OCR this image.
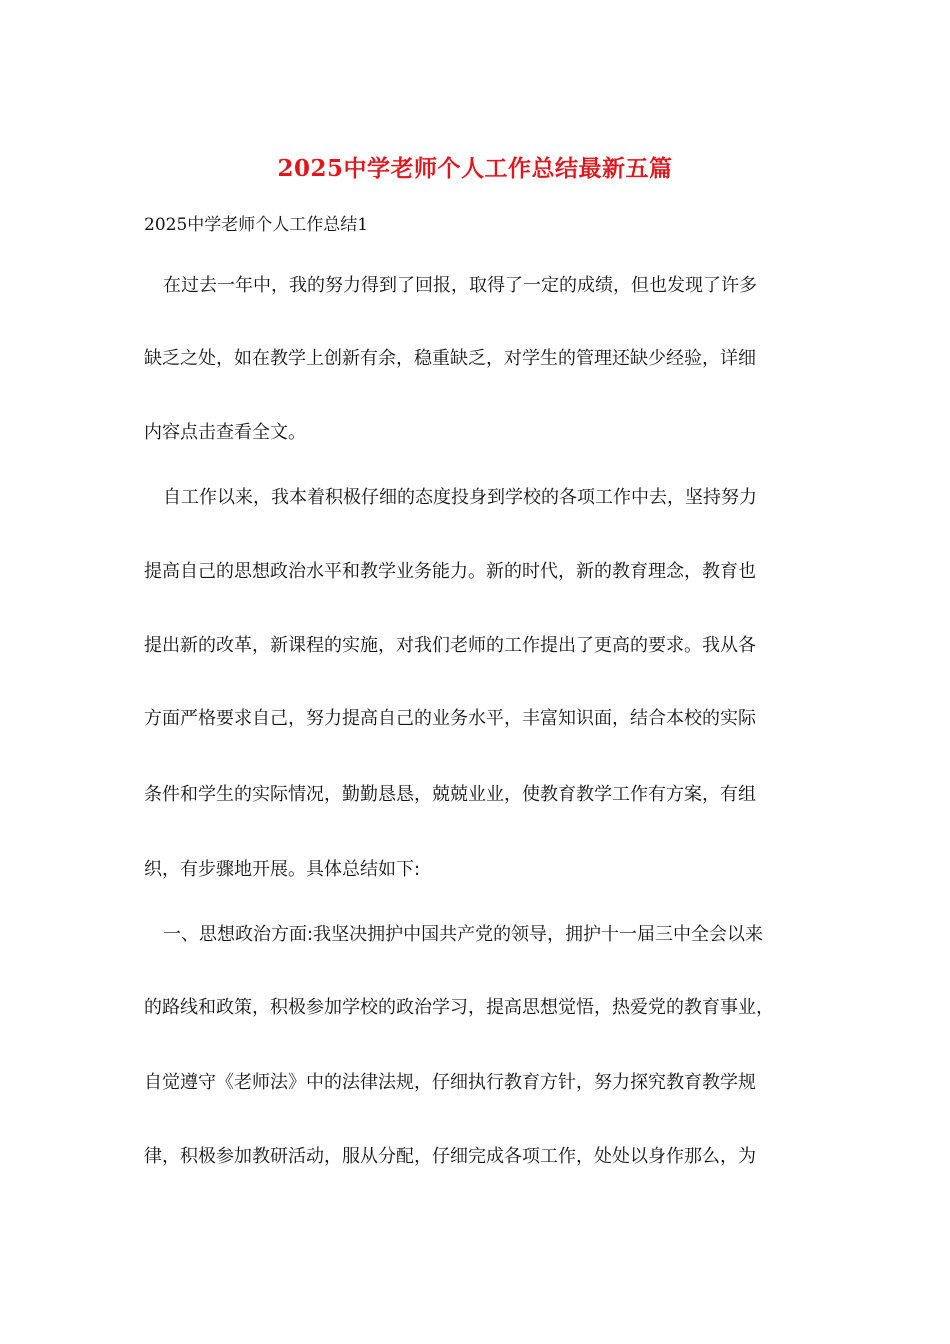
2025中学老师个人工作总结最新五篇
2025中学老师个人工作总结1
在过去一年中，我的努力得到了回报，取得了一定的成绩，但也发现了许多
缺乏之处，如在教学上创新有余，稳重缺乏，对学生的管理还缺少经验，详细
内容点击查看全文。
自工作以来，我本着积极仔细的态度投身到学校的各项工作中去，坚持努力
提高自己的思想政治水平和教学业务能力。新的时代，新的教育理念，教育也
提出新的改革，新课程的实施，对我们老师的工作提出了更高的要求。我从各
方面严格要求自己，努力提高自己的业务水平，丰富知识面，结合本校的实际
条件和学生的实际情况，勤勤恳恳，兢兢业业，使教育教学工作有方案，有组
织，有步骤地开展。具体总结如下:
一、思想政治方面:我坚决拥护中国共产党的领导，拥护十一届三中全会以来
的路线和政策，积极参加学校的政治学习，提高思想觉悟，热爱党的教育事业，
自觉遵守《老师法》中的法律法规，仔细执行教育方针，努力探究教育教学规
律，积极参加教研活动，服从分配，仔细完成各项工作，处处以身作那么，为
